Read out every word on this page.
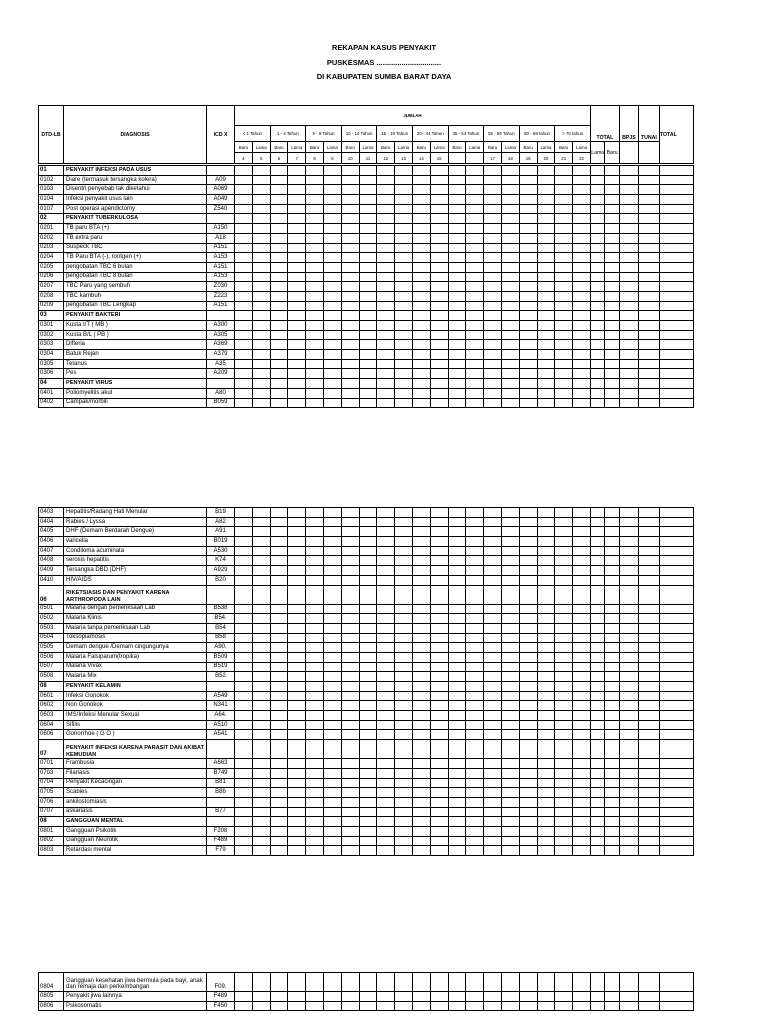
REKAPAN KASUS PENYAKIT
PUSKESMAS ...............................
DI KABUPATEN SUMBA BARAT DAYA
DTD-LB	DIAGNOSIS	ICD X	JUMLAH																				TOTAL		BPJS	TUNAI	TOTAL
			< 1 Tahun		1 - 4 Tahun		5 - 9 Tahun		10 - 14 Tahun		15 - 19 Tahun		20 - 44 Tahun		45 - 54 Tahun		55 - 59 Tahun		60 - 69 tahun		> 70 tahun						
			Baru	Lama	Baru	Lama	Baru	Lama	Baru	Lama	Baru	Lama	Baru	Lama	Baru	Lama	Baru	Lama	Baru	Lama	Baru	Lama	Lama	Baru			
			4	5	6	7	8	9	10	11	12	13	14	15			17	18	19	20	21	22					
01	PENYAKIT INFEKSI PADA USUS																										
0102	Diare (termasuk tersangka kolera)	A09																									
0103	Disentri penyebab tak diketahui	A069																									
0104	Infeksi penyakit usus lain	A049																									
0107	Post operasi apendictomy	Z540																									
02	PENYAKIT TUBERKULOSA																										
0201	TB paru BTA (+)	A150																									
0202	TB extra paru	A18																									
0203	Suspeck TBC	A151																									
0204	TB Paru BTA (-), rontgen (+)	A153																									
0205	pengobatan TBC 6 bulan	A151																									
0206	pengobatan TBC 8 bulan	A153																									
0207	TBC Paru yang sembuh	Z030																									
0208	TBC kambuh	Z223																									
0209	pengobatan TBC Lengkap	A151																									
03	PENYAKIT BAKTERI																										
0301	Kusta I/T ( MB )	A300																									
0302	Kusta B/L ( PB )	A305																									
0303	Difteria	A369																									
0304	Batuk Rejan	A379																									
0305	Tetanus	A35																									
0306	Pes	A209																									
04	PENYAKIT VIRUS																										
0401	Poliomyelitis akut	A80																									
0402	Campak/morbili	B059																									
0403	Hepatitis/Radang Hati Menular	B19																									
0404	Rabies / Lyssa	A82																									
0405	DHF (Demam Berdarah Dengue)	A91																									
0406	varicella	B019																									
0407	Condiloma acuminata	A530																									
0408	serosis hepatitis	K74																									
0409	Tersangka DBD (DHF)	A929																									
0410	HIV/AIDS	B20																									
06	RIKETSIASIS DAN PENYAKIT KARENA ARTHROPODA LAIN																										
0501	Malaria dengan pemeriksaan Lab	B538																									
0502	Malaria Klinis	B54.																									
0503	Malaria tanpa pemeriksaan Lab	B54																									
0504	Toksoplamosis	B58																									
0505	Demam dengue /Demam cingungunya	A90.																									
0506	Malaria Falsiparum(tropika)	B509																									
0507	Malaria Vivax	B519																									
0508	Malaria Mix	B52																									
08	PENYAKIT KELAMIN																										
0601	Infeksi Gonokok	A549																									
0602	Non Gonokok	N341																									
0603	IMS/Infeksi Menular Sexual	A64.																									
0604	Sifilis	A510																									
0606	Gonorrhoe ( G O )	A541																									
07	PENYAKIT INFEKSI KARENA PARASIT DAN AKIBAT KEMUDIAN																										
0701	Frambusia	A663																									
0703	Filariasis	B749																									
0704	Penyakit Kecacingan	B81																									
0705	Scabies	B86																									
0706	ankilostomiasis																										
0707	askariasis	B77																									
08	GANGGUAN MENTAL																										
0801	Gangguan Psikotik	F208																									
0802	Gangguan Neurotik	F489																									
0803	Retardasi mental	F79																									
0804	Gangguan kesehatan jiwa bermula pada bayi, anak dan remaja dan perkembangan	F09.																									
0805	Penyakit jiwa lainnya	F489																									
0806	Psikosomatis	F450																									
